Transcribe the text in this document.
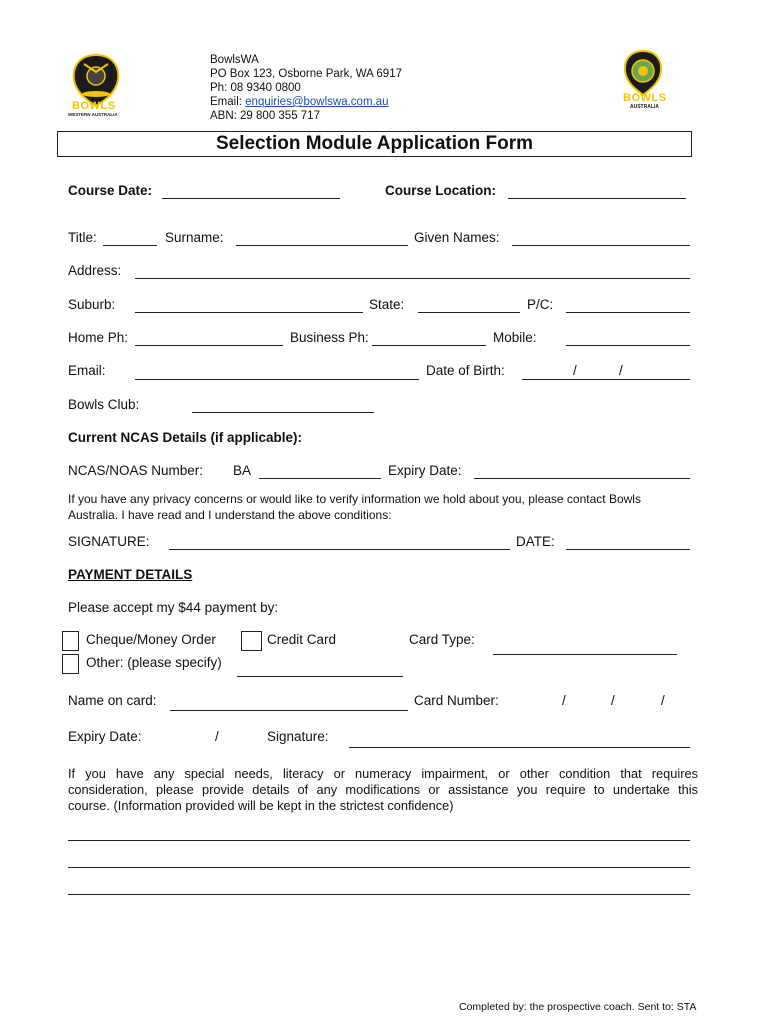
BOWLS
WESTERN AUSTRALIA
BOWLS
AUSTRALIA
BowlsWA
PO Box 123, Osborne Park, WA 6917
Ph: 08 9340 0800
Email: enquiries@bowlswa.com.au
ABN: 29 800 355 717
Selection Module Application Form
Course Date:	Course Location:
Title:	Surname:	Given Names:
Address:
Suburb:	State:	P/C:
Home Ph:	Business Ph:	Mobile:
Email:	Date of Birth:	/	/
Bowls Club:
Current NCAS Details (if applicable):
NCAS/NOAS Number: BA	Expiry Date:
If you have any privacy concerns or would like to verify information we hold about you, please contact Bowls
Australia. I have read and I understand the above conditions:
SIGNATURE:	DATE:
PAYMENT DETAILS
Please accept my $44 payment by:
Cheque/Money Order	Credit Card	Card Type:
Other: (please specify)
Name on card:	Card Number:	/	/	/
Expiry Date:	/	Signature:
If you have any special needs, literacy or numeracy impairment, or other condition that requires
consideration, please provide details of any modifications or assistance you require to undertake this
course. (Information provided will be kept in the strictest confidence)
Completed by: the prospective coach. Sent to: STA
